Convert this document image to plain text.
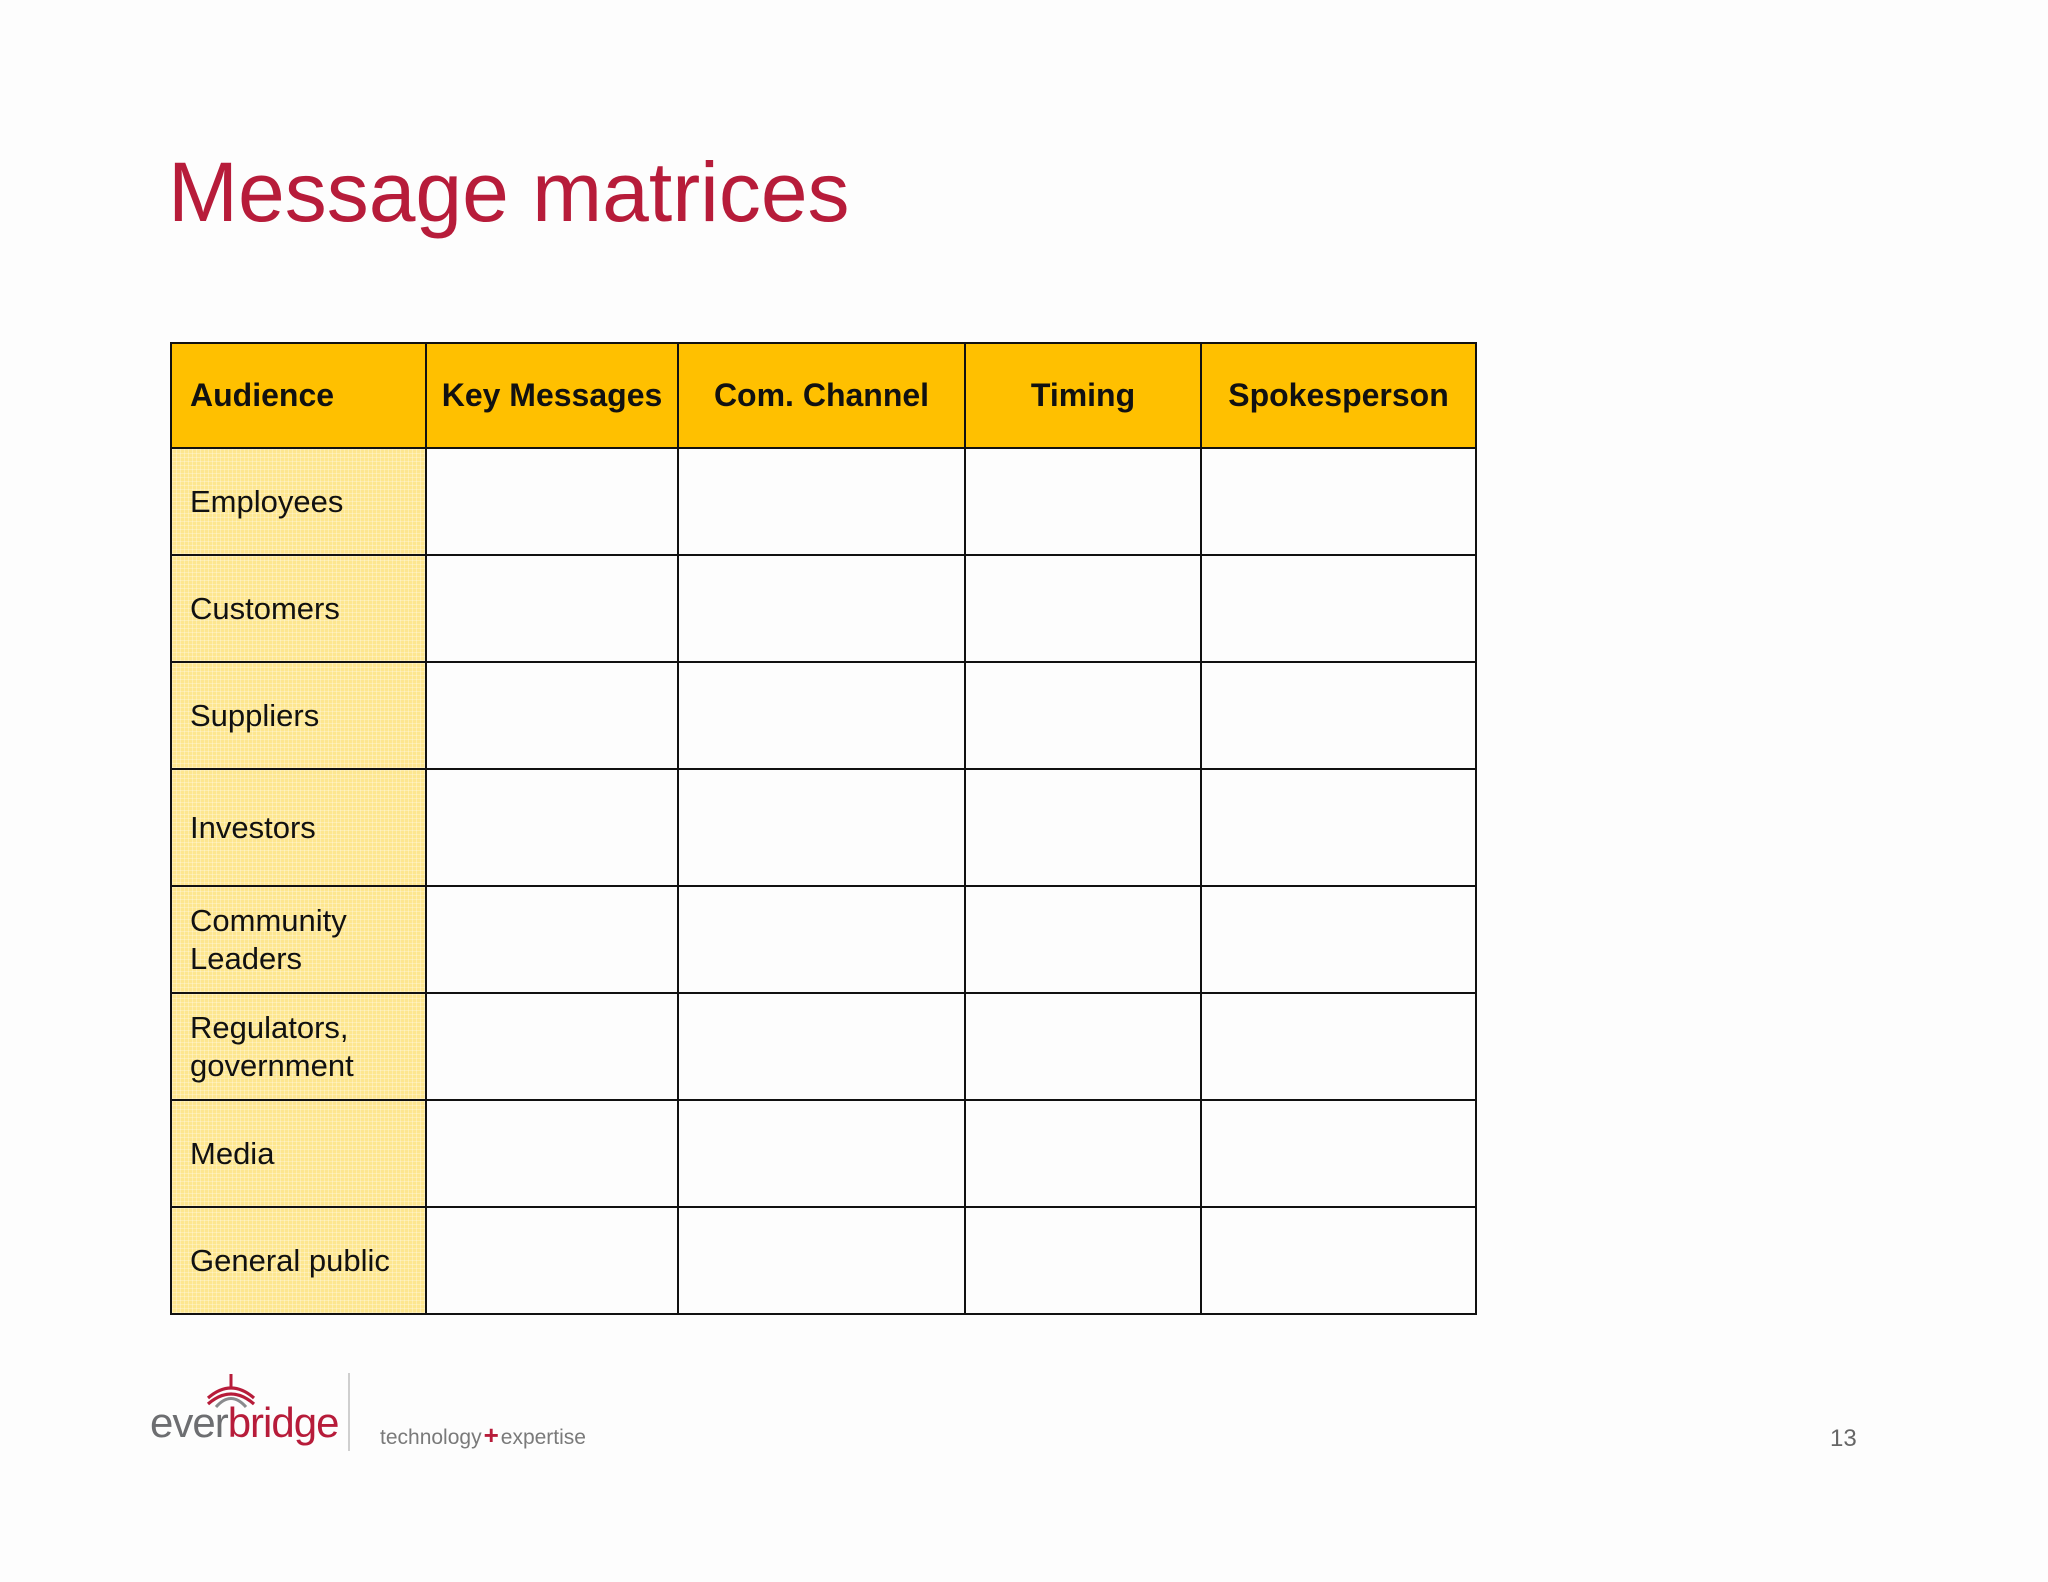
Message matrices
Audience	Key Messages	Com. Channel	Timing	Spokesperson
Employees				
Customers				
Suppliers				
Investors				
Community Leaders				
Regulators, government				
Media				
General public				
everbridge technology+expertise	13
